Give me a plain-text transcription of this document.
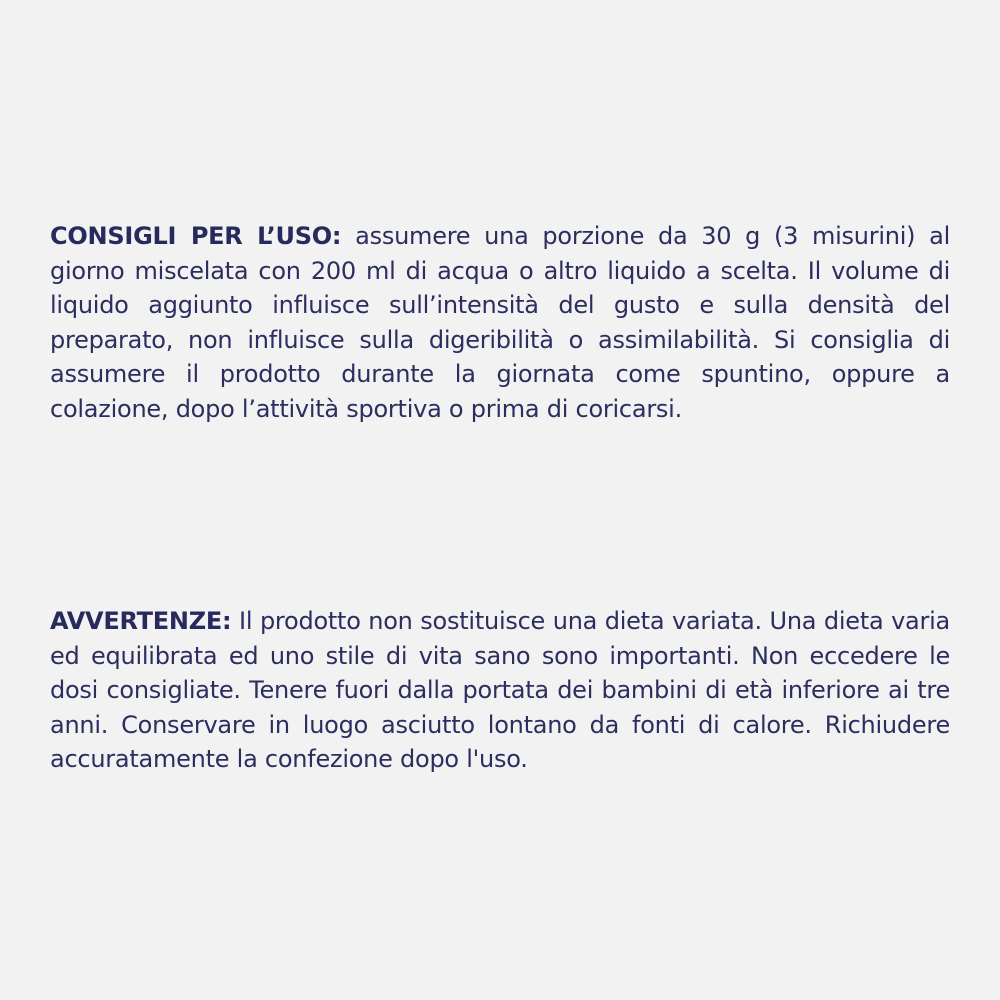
CONSIGLI PER L’USO: assumere una porzione da 30 g (3 misurini) al giorno miscelata con 200 ml di acqua o altro liquido a scelta. Il volume di liquido aggiunto influisce sull’intensità del gusto e sulla densità del preparato, non influisce sulla digeribilità o assimilabilità. Si consiglia di assumere il prodotto durante la giornata come spuntino, oppure a colazione, dopo l’attività sportiva o prima di coricarsi.

AVVERTENZE: Il prodotto non sostituisce una dieta variata. Una dieta varia ed equilibrata ed uno stile di vita sano sono importanti. Non eccedere le dosi consigliate. Tenere fuori dalla portata dei bambini di età inferiore ai tre anni. Conservare in luogo asciutto lontano da fonti di calore. Richiudere accuratamente la confezione dopo l'uso.
